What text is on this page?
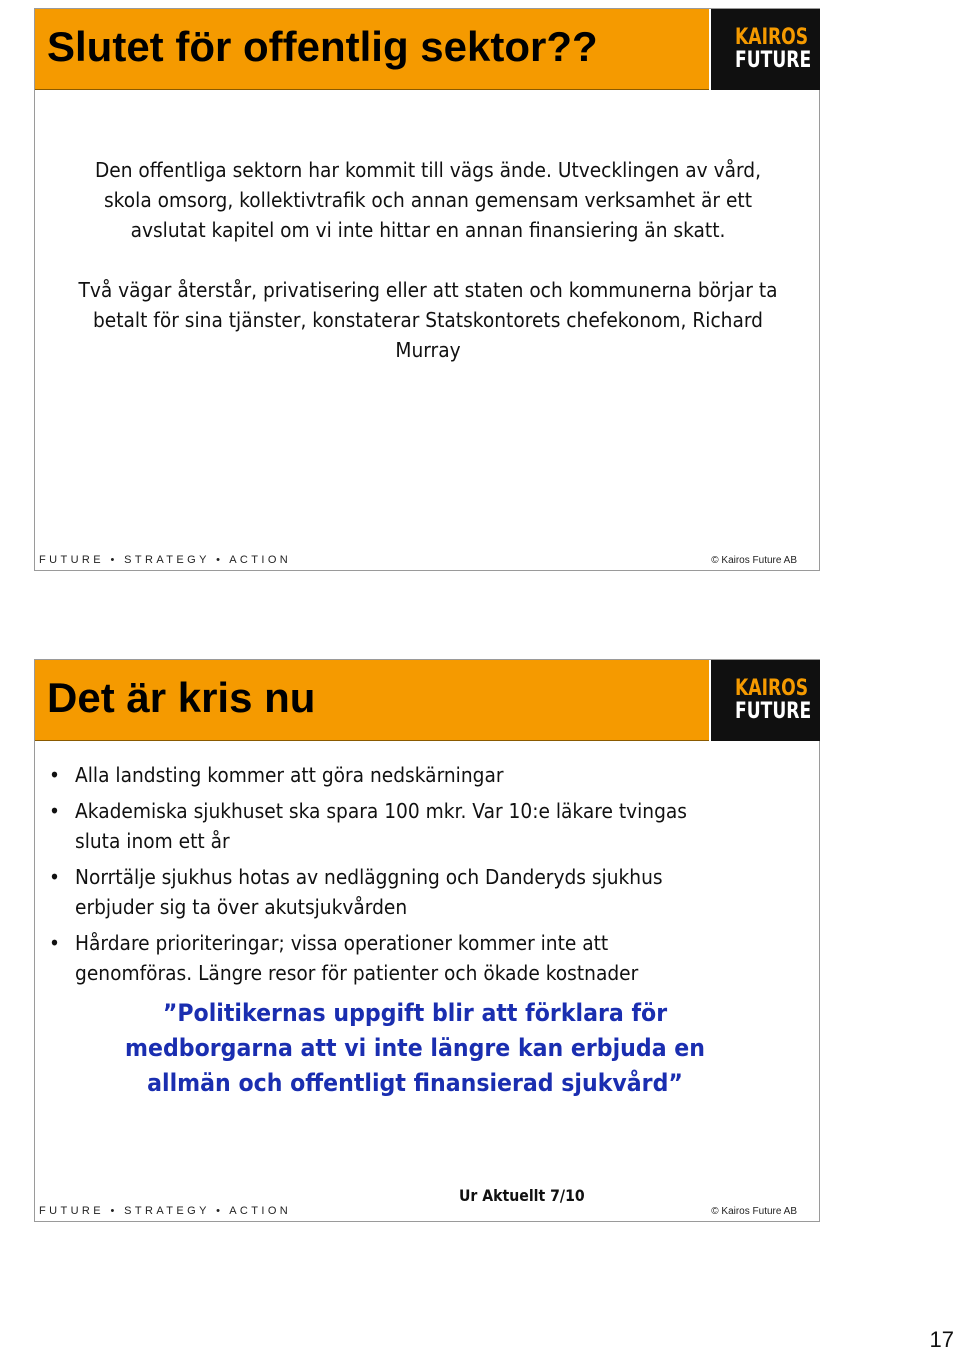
Slutet för offentlig sektor??	KAIROS
FUTURE
Den offentliga sektorn har kommit till vägs ände. Utvecklingen av vård, skola omsorg, kollektivtrafik och annan gemensam verksamhet är ett avslutat kapitel om vi inte hittar en annan finansiering än skatt.
Två vägar återstår, privatisering eller att staten och kommunerna börjar ta betalt för sina tjänster, konstaterar Statskontorets chefekonom, Richard Murray
FUTURE • STRATEGY • ACTION	© Kairos Future AB
Det är kris nu	KAIROS
FUTURE
• Alla landsting kommer att göra nedskärningar
• Akademiska sjukhuset ska spara 100 mkr. Var 10:e läkare tvingas sluta inom ett år
• Norrtälje sjukhus hotas av nedläggning och Danderyds sjukhus erbjuder sig ta över akutsjukvården
• Hårdare prioriteringar; vissa operationer kommer inte att genomföras. Längre resor för patienter och ökade kostnader
”Politikernas uppgift blir att förklara för medborgarna att vi inte längre kan erbjuda en allmän och offentligt finansierad sjukvård”
Ur Aktuellt 7/10
FUTURE • STRATEGY • ACTION	© Kairos Future AB
17
